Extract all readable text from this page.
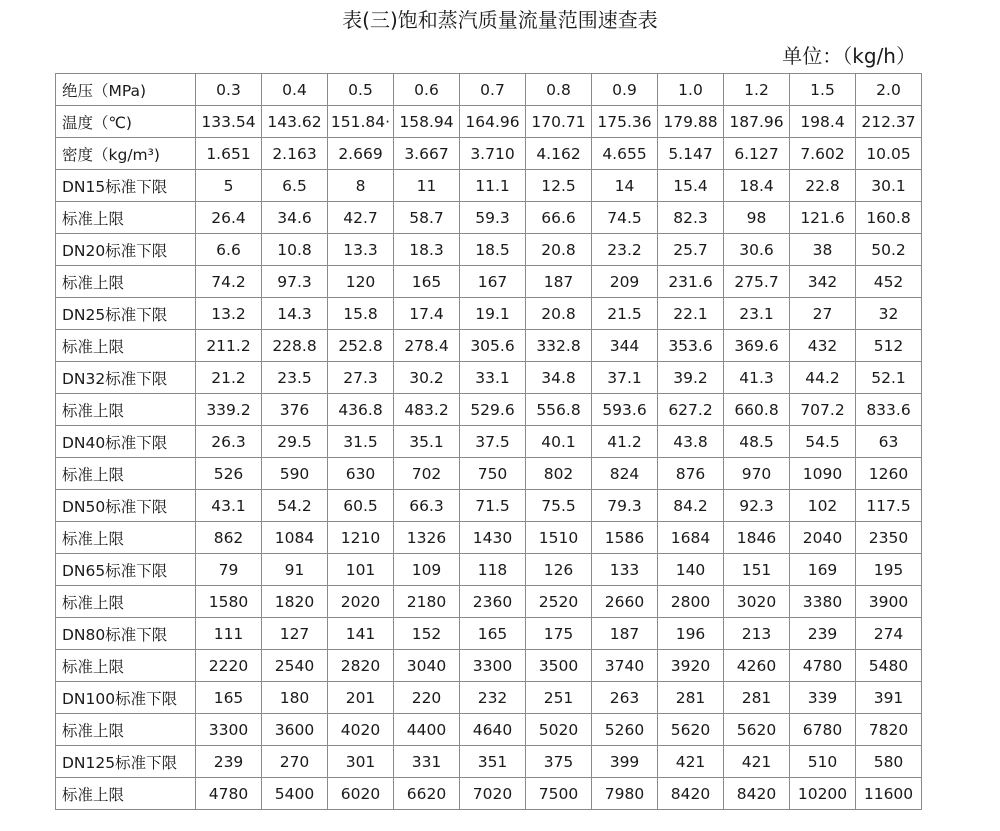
表(三)饱和蒸汽质量流量范围速查表
单位：（kg/h）
绝压（MPa)	0.3	0.4	0.5	0.6	0.7	0.8	0.9	1.0	1.2	1.5	2.0
温度（℃)	133.54	143.62	151.84·	158.94	164.96	170.71	175.36	179.88	187.96	198.4	212.37
密度（kg/m³)	1.651	2.163	2.669	3.667	3.710	4.162	4.655	5.147	6.127	7.602	10.05
DN15标准下限	5	6.5	8	11	11.1	12.5	14	15.4	18.4	22.8	30.1
标准上限	26.4	34.6	42.7	58.7	59.3	66.6	74.5	82.3	98	121.6	160.8
DN20标准下限	6.6	10.8	13.3	18.3	18.5	20.8	23.2	25.7	30.6	38	50.2
标准上限	74.2	97.3	120	165	167	187	209	231.6	275.7	342	452
DN25标准下限	13.2	14.3	15.8	17.4	19.1	20.8	21.5	22.1	23.1	27	32
标准上限	211.2	228.8	252.8	278.4	305.6	332.8	344	353.6	369.6	432	512
DN32标准下限	21.2	23.5	27.3	30.2	33.1	34.8	37.1	39.2	41.3	44.2	52.1
标准上限	339.2	376	436.8	483.2	529.6	556.8	593.6	627.2	660.8	707.2	833.6
DN40标准下限	26.3	29.5	31.5	35.1	37.5	40.1	41.2	43.8	48.5	54.5	63
标准上限	526	590	630	702	750	802	824	876	970	1090	1260
DN50标准下限	43.1	54.2	60.5	66.3	71.5	75.5	79.3	84.2	92.3	102	117.5
标准上限	862	1084	1210	1326	1430	1510	1586	1684	1846	2040	2350
DN65标准下限	79	91	101	109	118	126	133	140	151	169	195
标准上限	1580	1820	2020	2180	2360	2520	2660	2800	3020	3380	3900
DN80标准下限	111	127	141	152	165	175	187	196	213	239	274
标准上限	2220	2540	2820	3040	3300	3500	3740	3920	4260	4780	5480
DN100标准下限	165	180	201	220	232	251	263	281	281	339	391
标准上限	3300	3600	4020	4400	4640	5020	5260	5620	5620	6780	7820
DN125标准下限	239	270	301	331	351	375	399	421	421	510	580
标准上限	4780	5400	6020	6620	7020	7500	7980	8420	8420	10200	11600
